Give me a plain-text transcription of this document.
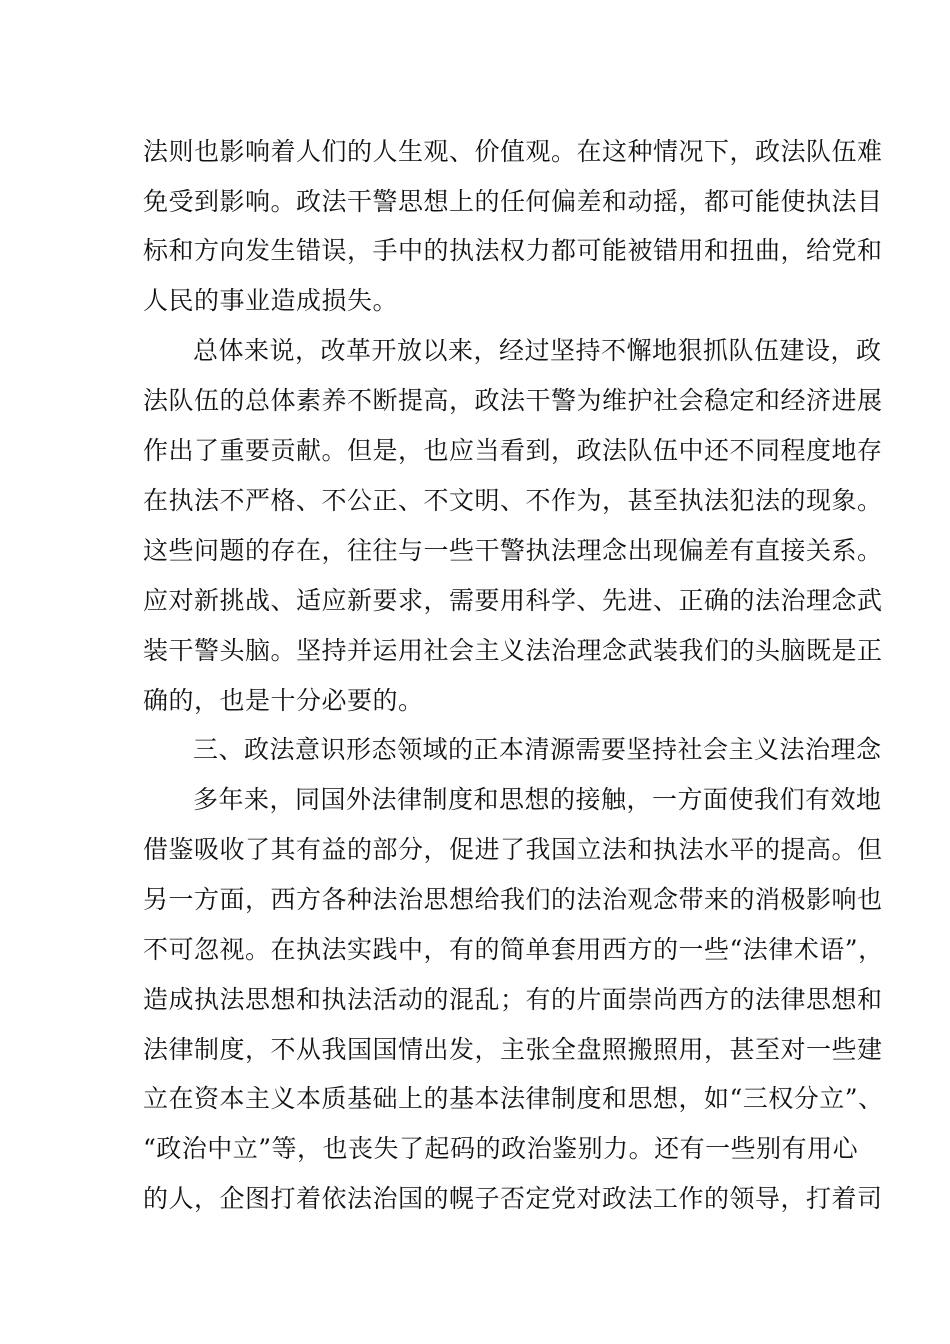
法则也影响着人们的人生观、价值观。在这种情况下，政法队伍难
免受到影响。政法干警思想上的任何偏差和动摇，都可能使执法目
标和方向发生错误，手中的执法权力都可能被错用和扭曲，给党和
人民的事业造成损失。
总体来说，改革开放以来，经过坚持不懈地狠抓队伍建设，政
法队伍的总体素养不断提高，政法干警为维护社会稳定和经济进展
作出了重要贡献。但是，也应当看到，政法队伍中还不同程度地存
在执法不严格、不公正、不文明、不作为，甚至执法犯法的现象。
这些问题的存在，往往与一些干警执法理念出现偏差有直接关系。
应对新挑战、适应新要求，需要用科学、先进、正确的法治理念武
装干警头脑。坚持并运用社会主义法治理念武装我们的头脑既是正
确的，也是十分必要的。
三、政法意识形态领域的正本清源需要坚持社会主义法治理念
多年来，同国外法律制度和思想的接触，一方面使我们有效地
借鉴吸收了其有益的部分，促进了我国立法和执法水平的提高。但
另一方面，西方各种法治思想给我们的法治观念带来的消极影响也
不可忽视。在执法实践中，有的简单套用西方的一些“法律术语”，
造成执法思想和执法活动的混乱；有的片面崇尚西方的法律思想和
法律制度，不从我国国情出发，主张全盘照搬照用，甚至对一些建
立在资本主义本质基础上的基本法律制度和思想，如“三权分立”、
“政治中立”等，也丧失了起码的政治鉴别力。还有一些别有用心
的人，企图打着依法治国的幌子否定党对政法工作的领导，打着司
